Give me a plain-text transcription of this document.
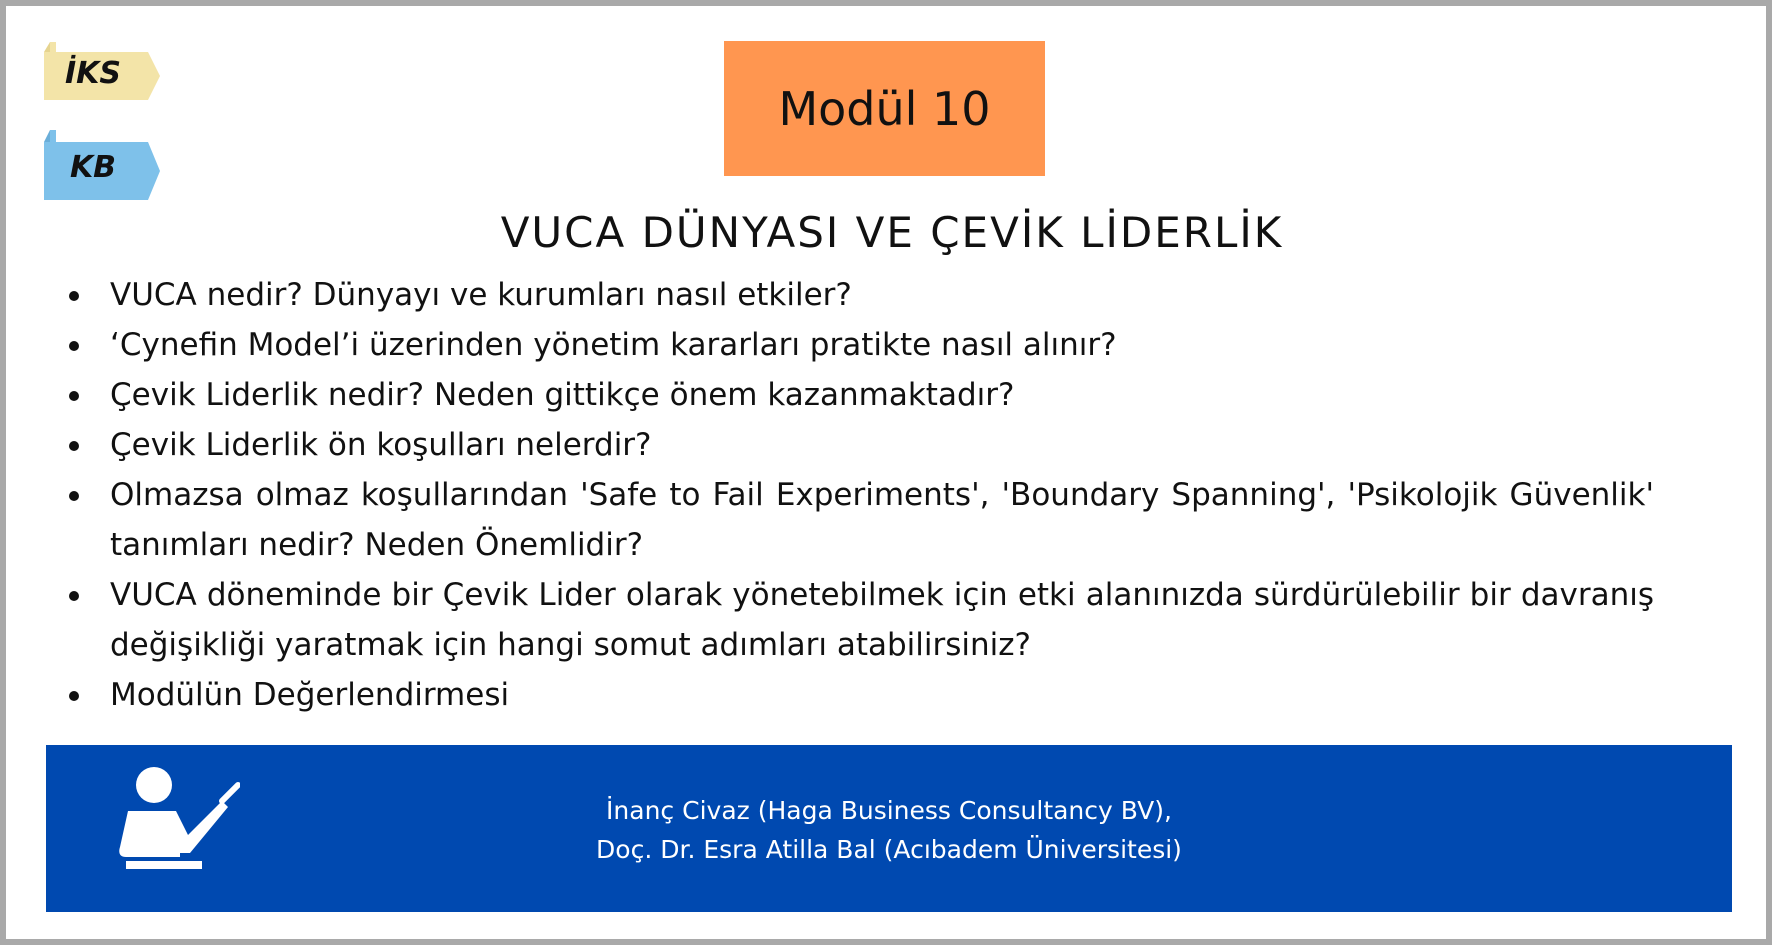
İKS
KB
Modül 10
VUCA DÜNYASI VE ÇEVİK LİDERLİK
VUCA nedir? Dünyayı ve kurumları nasıl etkiler?
‘Cynefin Model’i üzerinden yönetim kararları pratikte nasıl alınır?
Çevik Liderlik nedir? Neden gittikçe önem kazanmaktadır?
Çevik Liderlik ön koşulları nelerdir?
Olmazsa olmaz koşullarından 'Safe to Fail Experiments', 'Boundary Spanning', 'Psikolojik Güvenlik' tanımları nedir? Neden Önemlidir?
VUCA döneminde bir Çevik Lider olarak yönetebilmek için etki alanınızda sürdürülebilir bir davranış değişikliği yaratmak için hangi somut adımları atabilirsiniz?
Modülün Değerlendirmesi
İnanç Civaz (Haga Business Consultancy BV),
Doç. Dr. Esra Atilla Bal (Acıbadem Üniversitesi)
